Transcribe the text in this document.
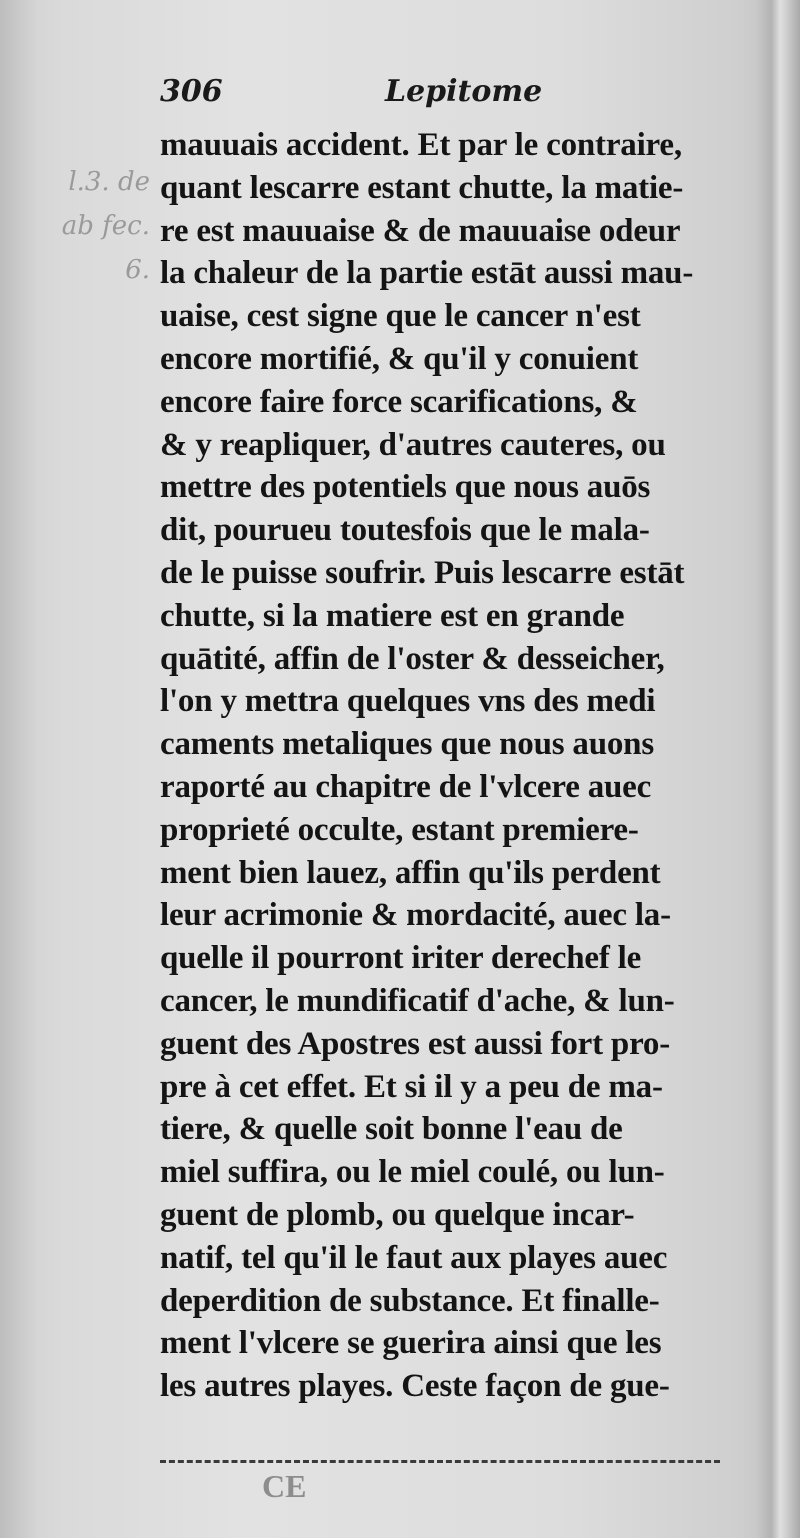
l.3. de
ab fec.
6.
306	Lepitome
mauuais accident. Et par le contraire,
quant lescarre estant chutte, la matie-
re est mauuaise & de mauuaise odeur
la chaleur de la partie estāt aussi mau-
uaise, cest signe que le cancer n'est
encore mortifié, & qu'il y conuient
encore faire force scarifications, &
& y reapliquer, d'autres cauteres, ou
mettre des potentiels que nous auōs
dit, pourueu toutesfois que le mala-
de le puisse soufrir. Puis lescarre estāt
chutte, si la matiere est en grande
quātité, affin de l'oster & desseicher,
l'on y mettra quelques vns des medi
caments metaliques que nous auons
raporté au chapitre de l'vlcere auec
proprieté occulte, estant premiere-
ment bien lauez, affin qu'ils perdent
leur acrimonie & mordacité, auec la-
quelle il pourront iriter derechef le
cancer, le mundificatif d'ache, & lun-
guent des Apostres est aussi fort pro-
pre à cet effet. Et si il y a peu de ma-
tiere, & quelle soit bonne l'eau de
miel suffira, ou le miel coulé, ou lun-
guent de plomb, ou quelque incar-
natif, tel qu'il le faut aux playes auec
deperdition de substance. Et finalle-
ment l'vlcere se guerira ainsi que les
les autres playes. Ceste façon de gue-
CE
